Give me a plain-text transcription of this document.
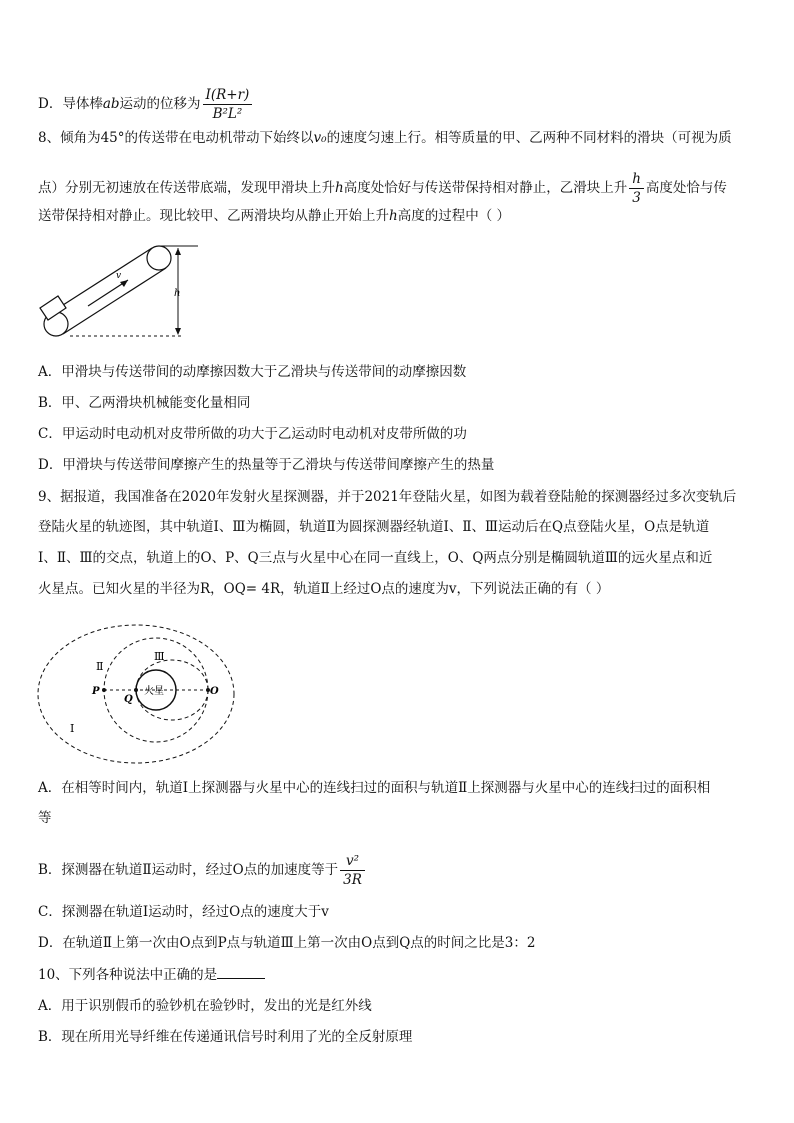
D．导体棒ab运动的位移为 $\frac{I(R+r)}{\text{B²L²}}$
8、倾角为45°的传送带在电动机带动下始终以v₀的速度匀速上行。相等质量的甲、乙两种不同材料的滑块（可视为质
点）分别无初速放在传送带底端，发现甲滑块上升h高度处恰好与传送带保持相对静止，乙滑块上升 $\frac{h}{3}$ 高度处恰与传
送带保持相对静止。现比较甲、乙两滑块均从静止开始上升h高度的过程中（ ）
v
h
A．甲滑块与传送带间的动摩擦因数大于乙滑块与传送带间的动摩擦因数
B．甲、乙两滑块机械能变化量相同
C．甲运动时电动机对皮带所做的功大于乙运动时电动机对皮带所做的功
D．甲滑块与传送带间摩擦产生的热量等于乙滑块与传送带间摩擦产生的热量
9、据报道，我国准备在2020年发射火星探测器，并于2021年登陆火星，如图为载着登陆舱的探测器经过多次变轨后
登陆火星的轨迹图，其中轨道Ⅰ、Ⅲ为椭圆，轨道Ⅱ为圆探测器经轨道Ⅰ、Ⅱ、Ⅲ运动后在Q点登陆火星，O点是轨道
Ⅰ、Ⅱ、Ⅲ的交点，轨道上的O、P、Q三点与火星中心在同一直线上，O、Q两点分别是椭圆轨道Ⅲ的远火星点和近
火星点。已知火星的半径为R，OQ= 4R，轨道Ⅱ上经过O点的速度为v，下列说法正确的有（ ）
火星
P
Q
O
Ⅱ
Ⅲ
Ⅰ
A．在相等时间内，轨道Ⅰ上探测器与火星中心的连线扫过的面积与轨道Ⅱ上探测器与火星中心的连线扫过的面积相
等
B．探测器在轨道Ⅱ运动时，经过O点的加速度等于 $\frac{\text{v²}}{3R}$
C．探测器在轨道Ⅰ运动时，经过O点的速度大于v
D．在轨道Ⅱ上第一次由O点到P点与轨道Ⅲ上第一次由O点到Q点的时间之比是3：2
10、下列各种说法中正确的是
A．用于识别假币的验钞机在验钞时，发出的光是红外线
B．现在所用光导纤维在传递通讯信号时利用了光的全反射原理
